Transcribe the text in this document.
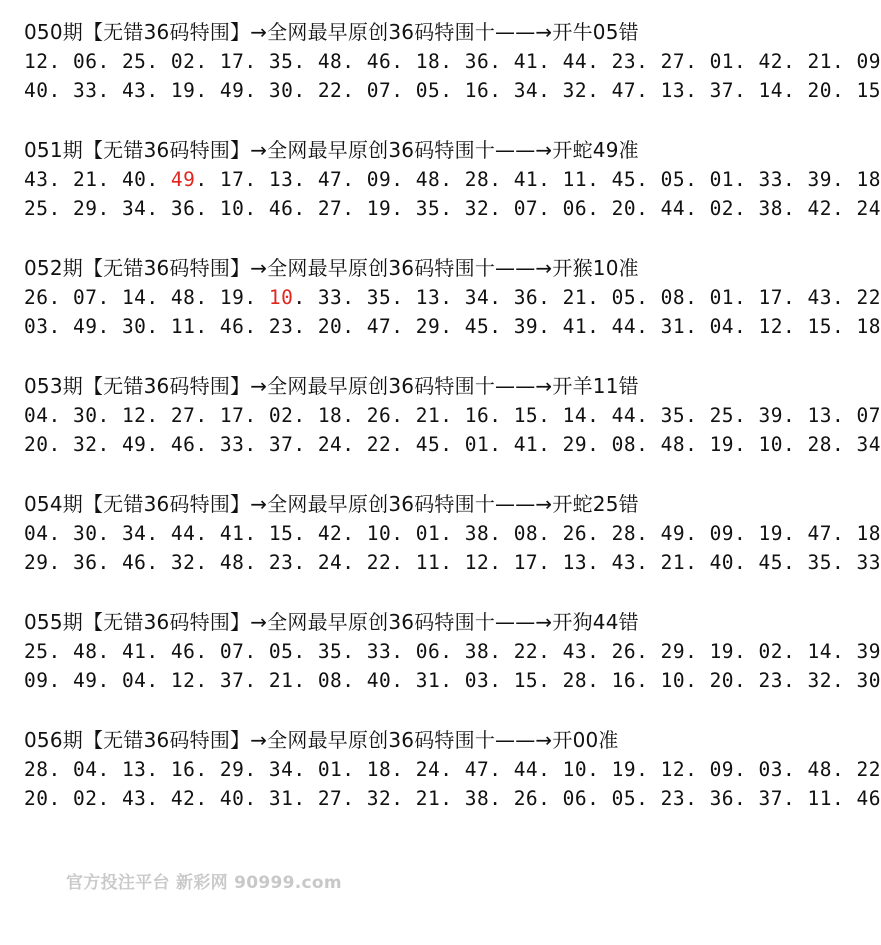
050期【无错36码特围】→全网最早原创36码特围十——→开牛05错
12. 06. 25. 02. 17. 35. 48. 46. 18. 36. 41. 44. 23. 27. 01. 42. 21. 09
40. 33. 43. 19. 49. 30. 22. 07. 05. 16. 34. 32. 47. 13. 37. 14. 20. 15
051期【无错36码特围】→全网最早原创36码特围十——→开蛇49准
43. 21. 40. 49. 17. 13. 47. 09. 48. 28. 41. 11. 45. 05. 01. 33. 39. 18
25. 29. 34. 36. 10. 46. 27. 19. 35. 32. 07. 06. 20. 44. 02. 38. 42. 24
052期【无错36码特围】→全网最早原创36码特围十——→开猴10准
26. 07. 14. 48. 19. 10. 33. 35. 13. 34. 36. 21. 05. 08. 01. 17. 43. 22
03. 49. 30. 11. 46. 23. 20. 47. 29. 45. 39. 41. 44. 31. 04. 12. 15. 18
053期【无错36码特围】→全网最早原创36码特围十——→开羊11错
04. 30. 12. 27. 17. 02. 18. 26. 21. 16. 15. 14. 44. 35. 25. 39. 13. 07
20. 32. 49. 46. 33. 37. 24. 22. 45. 01. 41. 29. 08. 48. 19. 10. 28. 34
054期【无错36码特围】→全网最早原创36码特围十——→开蛇25错
04. 30. 34. 44. 41. 15. 42. 10. 01. 38. 08. 26. 28. 49. 09. 19. 47. 18
29. 36. 46. 32. 48. 23. 24. 22. 11. 12. 17. 13. 43. 21. 40. 45. 35. 33
055期【无错36码特围】→全网最早原创36码特围十——→开狗44错
25. 48. 41. 46. 07. 05. 35. 33. 06. 38. 22. 43. 26. 29. 19. 02. 14. 39
09. 49. 04. 12. 37. 21. 08. 40. 31. 03. 15. 28. 16. 10. 20. 23. 32. 30
056期【无错36码特围】→全网最早原创36码特围十——→开00准
28. 04. 13. 16. 29. 34. 01. 18. 24. 47. 44. 10. 19. 12. 09. 03. 48. 22
20. 02. 43. 42. 40. 31. 27. 32. 21. 38. 26. 06. 05. 23. 36. 37. 11. 46
官方投注平台 新彩网 90999.com
